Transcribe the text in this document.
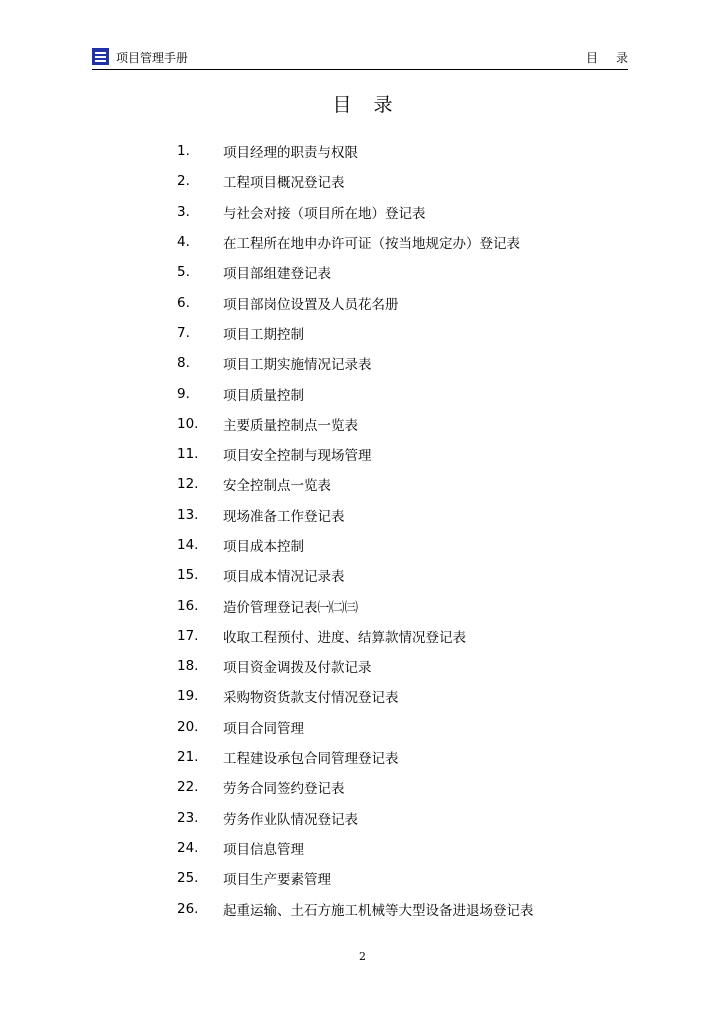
项目管理手册	目录
目录
1.	项目经理的职责与权限
2.	工程项目概况登记表
3.	与社会对接（项目所在地）登记表
4.	在工程所在地申办许可证（按当地规定办）登记表
5.	项目部组建登记表
6.	项目部岗位设置及人员花名册
7.	项目工期控制
8.	项目工期实施情况记录表
9.	项目质量控制
10.	主要质量控制点一览表
11.	项目安全控制与现场管理
12.	安全控制点一览表
13.	现场准备工作登记表
14.	项目成本控制
15.	项目成本情况记录表
16.	造价管理登记表㈠㈡㈢
17.	收取工程预付、进度、结算款情况登记表
18.	项目资金调拨及付款记录
19.	采购物资货款支付情况登记表
20.	项目合同管理
21.	工程建设承包合同管理登记表
22.	劳务合同签约登记表
23.	劳务作业队情况登记表
24.	项目信息管理
25.	项目生产要素管理
26.	起重运输、土石方施工机械等大型设备进退场登记表
2
